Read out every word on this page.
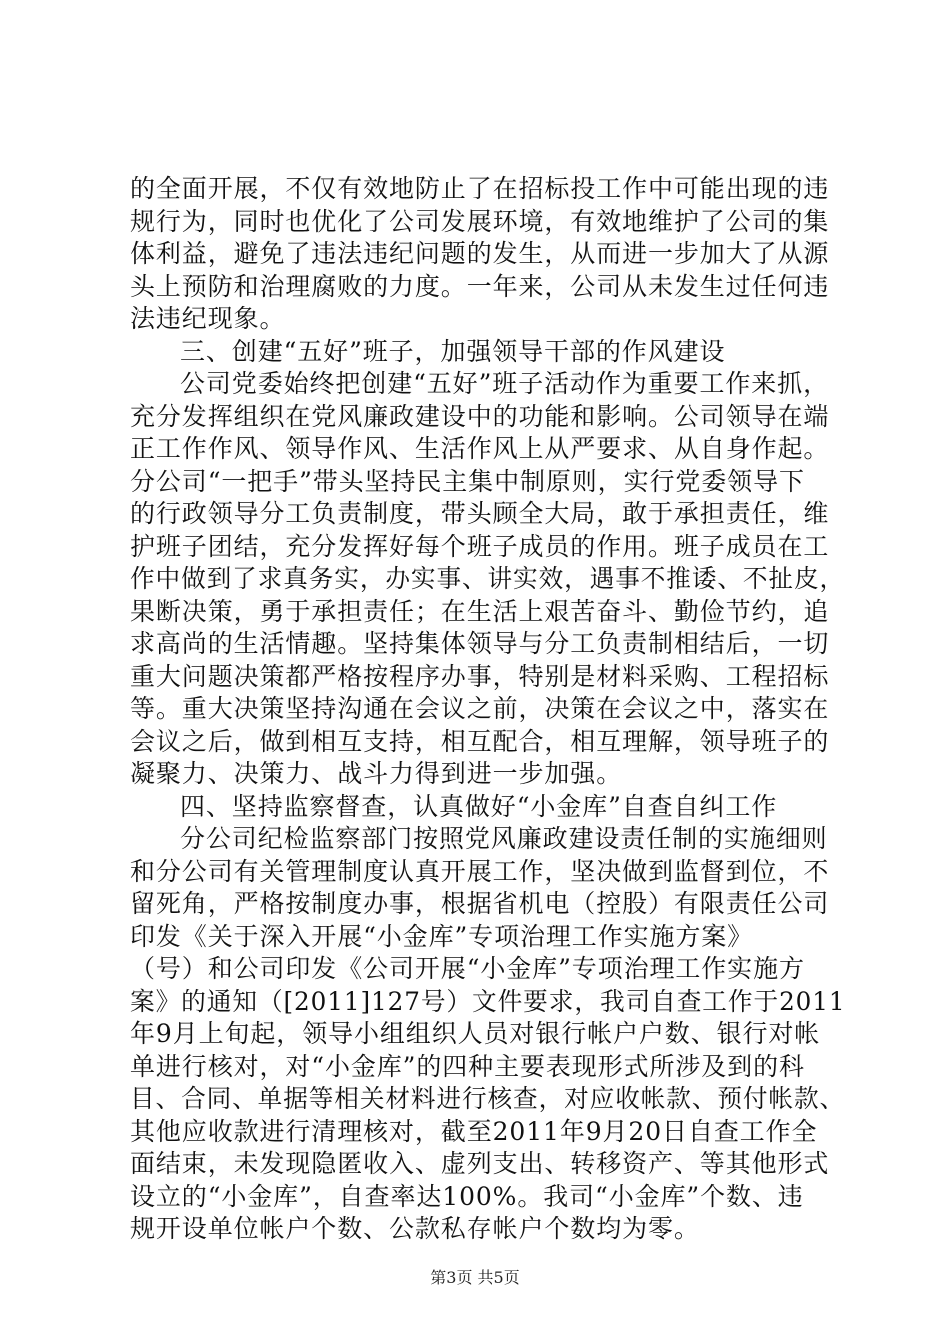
第3页 共5页
的全面开展，不仅有效地防止了在招标投工作中可能出现的违
规行为，同时也优化了公司发展环境，有效地维护了公司的集
体利益，避免了违法违纪问题的发生，从而进一步加大了从源
头上预防和治理腐败的力度。一年来，公司从未发生过任何违
法违纪现象。
三、创建“五好”班子，加强领导干部的作风建设
公司党委始终把创建“五好”班子活动作为重要工作来抓，
充分发挥组织在党风廉政建设中的功能和影响。公司领导在端
正工作作风、领导作风、生活作风上从严要求、从自身作起。
分公司“一把手”带头坚持民主集中制原则，实行党委领导下
的行政领导分工负责制度，带头顾全大局，敢于承担责任，维
护班子团结，充分发挥好每个班子成员的作用。班子成员在工
作中做到了求真务实，办实事、讲实效，遇事不推诿、不扯皮，
果断决策，勇于承担责任；在生活上艰苦奋斗、勤俭节约，追
求高尚的生活情趣。坚持集体领导与分工负责制相结后，一切
重大问题决策都严格按程序办事，特别是材料采购、工程招标
等。重大决策坚持沟通在会议之前，决策在会议之中，落实在
会议之后，做到相互支持，相互配合，相互理解，领导班子的
凝聚力、决策力、战斗力得到进一步加强。
四、坚持监察督查，认真做好“小金库”自查自纠工作
分公司纪检监察部门按照党风廉政建设责任制的实施细则
和分公司有关管理制度认真开展工作，坚决做到监督到位，不
留死角，严格按制度办事，根据省机电（控股）有限责任公司
印发《关于深入开展“小金库”专项治理工作实施方案》
（号）和公司印发《公司开展“小金库”专项治理工作实施方
案》的通知（[2011]127号）文件要求，我司自查工作于2011
年9月上旬起，领导小组组织人员对银行帐户户数、银行对帐
单进行核对，对“小金库”的四种主要表现形式所涉及到的科
目、合同、单据等相关材料进行核查，对应收帐款、预付帐款、
其他应收款进行清理核对，截至2011年9月20日自查工作全
面结束，未发现隐匿收入、虚列支出、转移资产、等其他形式
设立的“小金库”，自查率达100%。我司“小金库”个数、违
规开设单位帐户个数、公款私存帐户个数均为零。
